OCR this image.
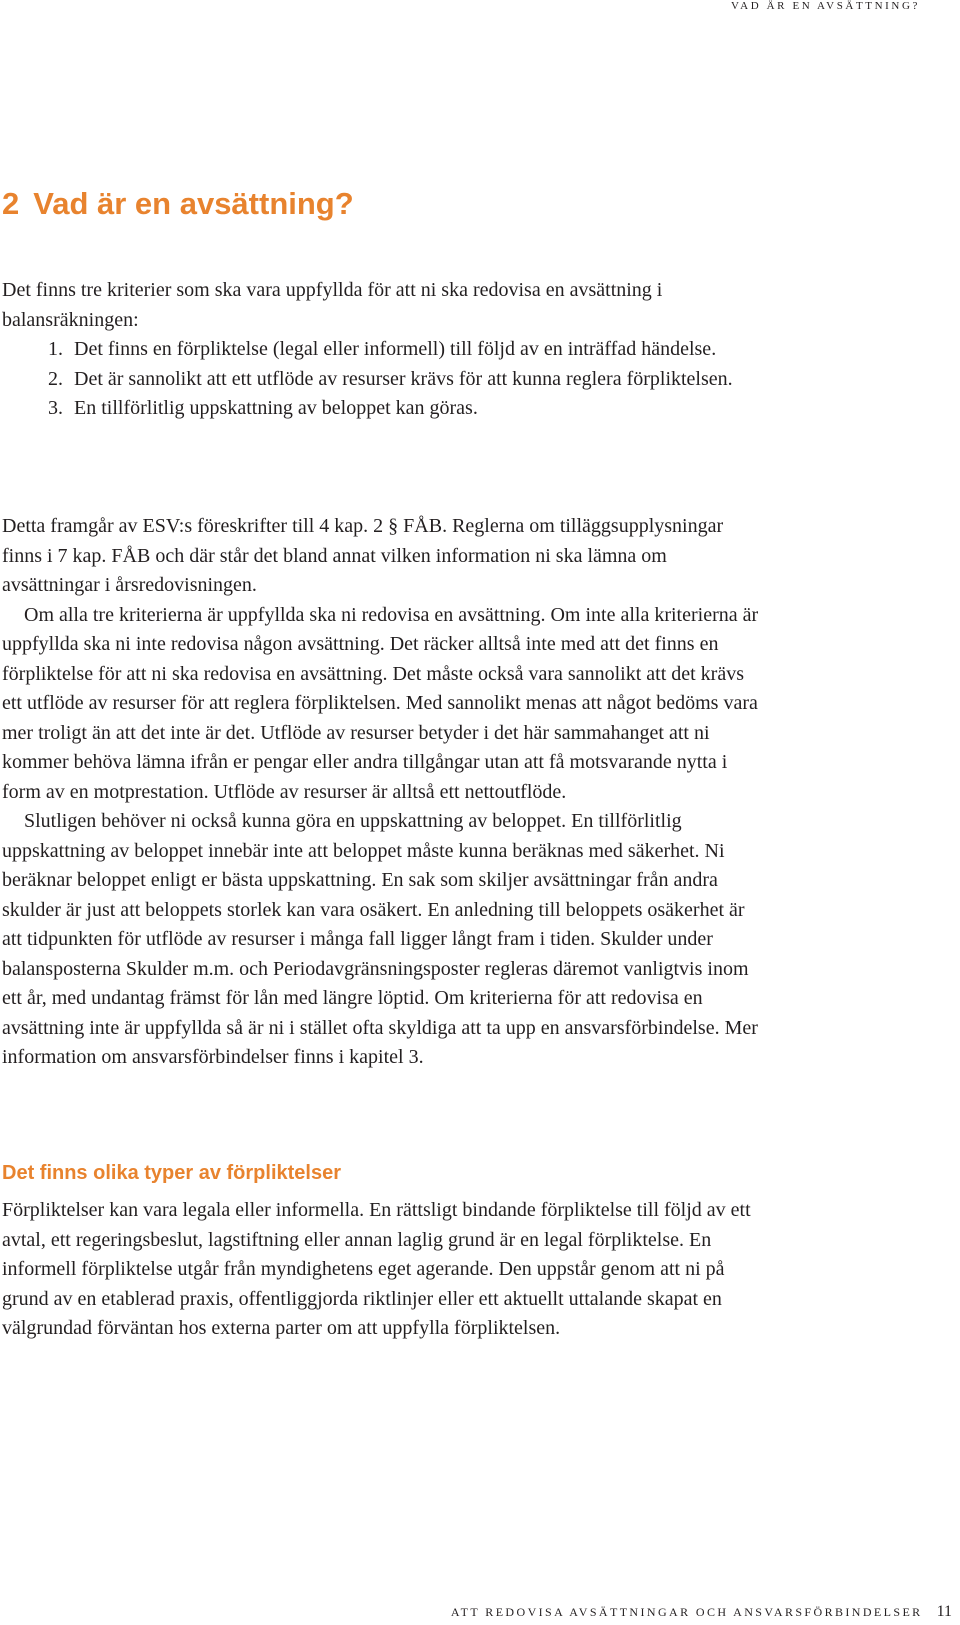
VAD ÄR EN AVSÄTTNING?
2 Vad är en avsättning?

Det finns tre kriterier som ska vara uppfyllda för att ni ska redovisa en avsättning i balansräkningen:

1. Det finns en förpliktelse (legal eller informell) till följd av en inträffad händelse.
2. Det är sannolikt att ett utflöde av resurser krävs för att kunna reglera förpliktelsen.
3. En tillförlitlig uppskattning av beloppet kan göras.

Detta framgår av ESV:s föreskrifter till 4 kap. 2 § FÅB. Reglerna om tilläggsupplysningar finns i 7 kap. FÅB och där står det bland annat vilken information ni ska lämna om avsättningar i årsredovisningen.

Om alla tre kriterierna är uppfyllda ska ni redovisa en avsättning. Om inte alla kriterierna är uppfyllda ska ni inte redovisa någon avsättning. Det räcker alltså inte med att det finns en förpliktelse för att ni ska redovisa en avsättning. Det måste också vara sannolikt att det krävs ett utflöde av resurser för att reglera förpliktelsen. Med sannolikt menas att något bedöms vara mer troligt än att det inte är det. Utflöde av resurser betyder i det här sammahanget att ni kommer behöva lämna ifrån er pengar eller andra tillgångar utan att få motsvarande nytta i form av en motprestation. Utflöde av resurser är alltså ett nettoutflöde.

Slutligen behöver ni också kunna göra en uppskattning av beloppet. En tillförlitlig uppskattning av beloppet innebär inte att beloppet måste kunna beräknas med säkerhet. Ni beräknar beloppet enligt er bästa uppskattning. En sak som skiljer avsättningar från andra skulder är just att beloppets storlek kan vara osäkert. En anledning till beloppets osäkerhet är att tidpunkten för utflöde av resurser i många fall ligger långt fram i tiden. Skulder under balansposterna Skulder m.m. och Periodavgränsningsposter regleras däremot vanligtvis inom ett år, med undantag främst för lån med längre löptid. Om kriterierna för att redovisa en avsättning inte är uppfyllda så är ni i stället ofta skyldiga att ta upp en ansvarsförbindelse. Mer information om ansvarsförbindelser finns i kapitel 3.

Det finns olika typer av förpliktelser

Förpliktelser kan vara legala eller informella. En rättsligt bindande förpliktelse till följd av ett avtal, ett regeringsbeslut, lagstiftning eller annan laglig grund är en legal förpliktelse. En informell förpliktelse utgår från myndighetens eget agerande. Den uppstår genom att ni på grund av en etablerad praxis, offentliggjorda riktlinjer eller ett aktuellt uttalande skapat en välgrundad förväntan hos externa parter om att uppfylla förpliktelsen.

ATT REDOVISA AVSÄTTNINGAR OCH ANSVARSFÖRBINDELSER 11
